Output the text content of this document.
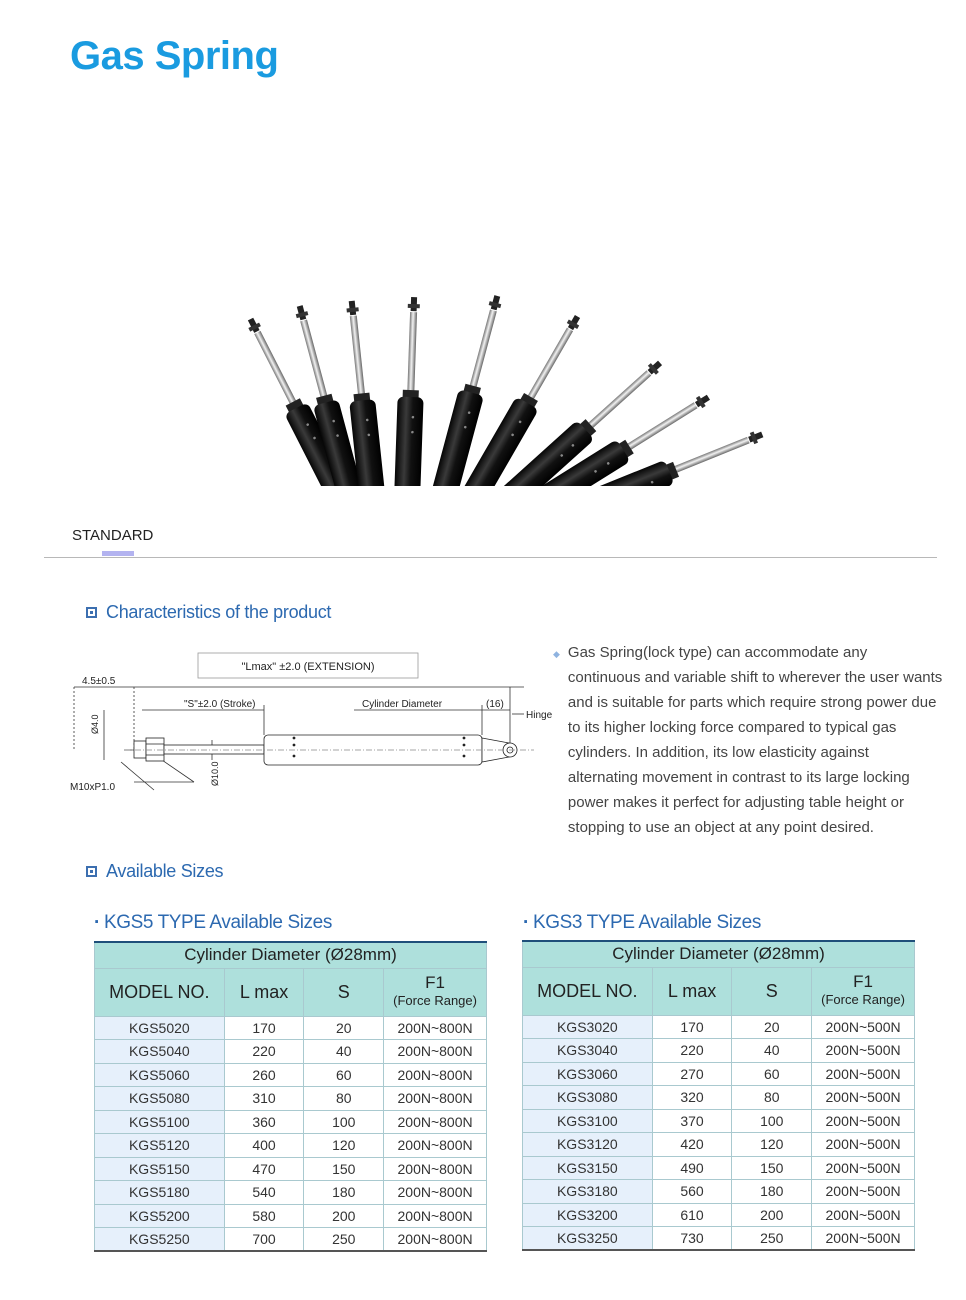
Gas Spring
STANDARD
Characteristics of the product
"Lmax" ±2.0 (EXTENSION)
4.5±0.5
"S"±2.0 (Stroke)	Cylinder Diameter	(16)
Hinge
Ø4.0
Ø10.0
M10xP1.0
◆ Gas Spring(lock type) can accommodate any continuous and variable shift to wherever the user wants and is suitable for parts which require strong power due to its higher locking force compared to typical gas cylinders. In addition, its low elasticity against alternating movement in contrast to its large locking power makes it perfect for adjusting table height or stopping to use an object at any point desired.

Available Sizes
· KGS5 TYPE Available Sizes
Cylinder Diameter (Ø28mm)			
MODEL NO.	L max	S	F1
(Force Range)

KGS5020	170	20	200N~800N
KGS5040	220	40	200N~800N
KGS5060	260	60	200N~800N
KGS5080	310	80	200N~800N
KGS5100	360	100	200N~800N
KGS5120	400	120	200N~800N
KGS5150	470	150	200N~800N
KGS5180	540	180	200N~800N
KGS5200	580	200	200N~800N
KGS5250	700	250	200N~800N
· KGS3 TYPE Available Sizes
Cylinder Diameter (Ø28mm)			
MODEL NO.	L max	S	F1
(Force Range)

KGS3020	170	20	200N~500N
KGS3040	220	40	200N~500N
KGS3060	270	60	200N~500N
KGS3080	320	80	200N~500N
KGS3100	370	100	200N~500N
KGS3120	420	120	200N~500N
KGS3150	490	150	200N~500N
KGS3180	560	180	200N~500N
KGS3200	610	200	200N~500N
KGS3250	730	250	200N~500N
